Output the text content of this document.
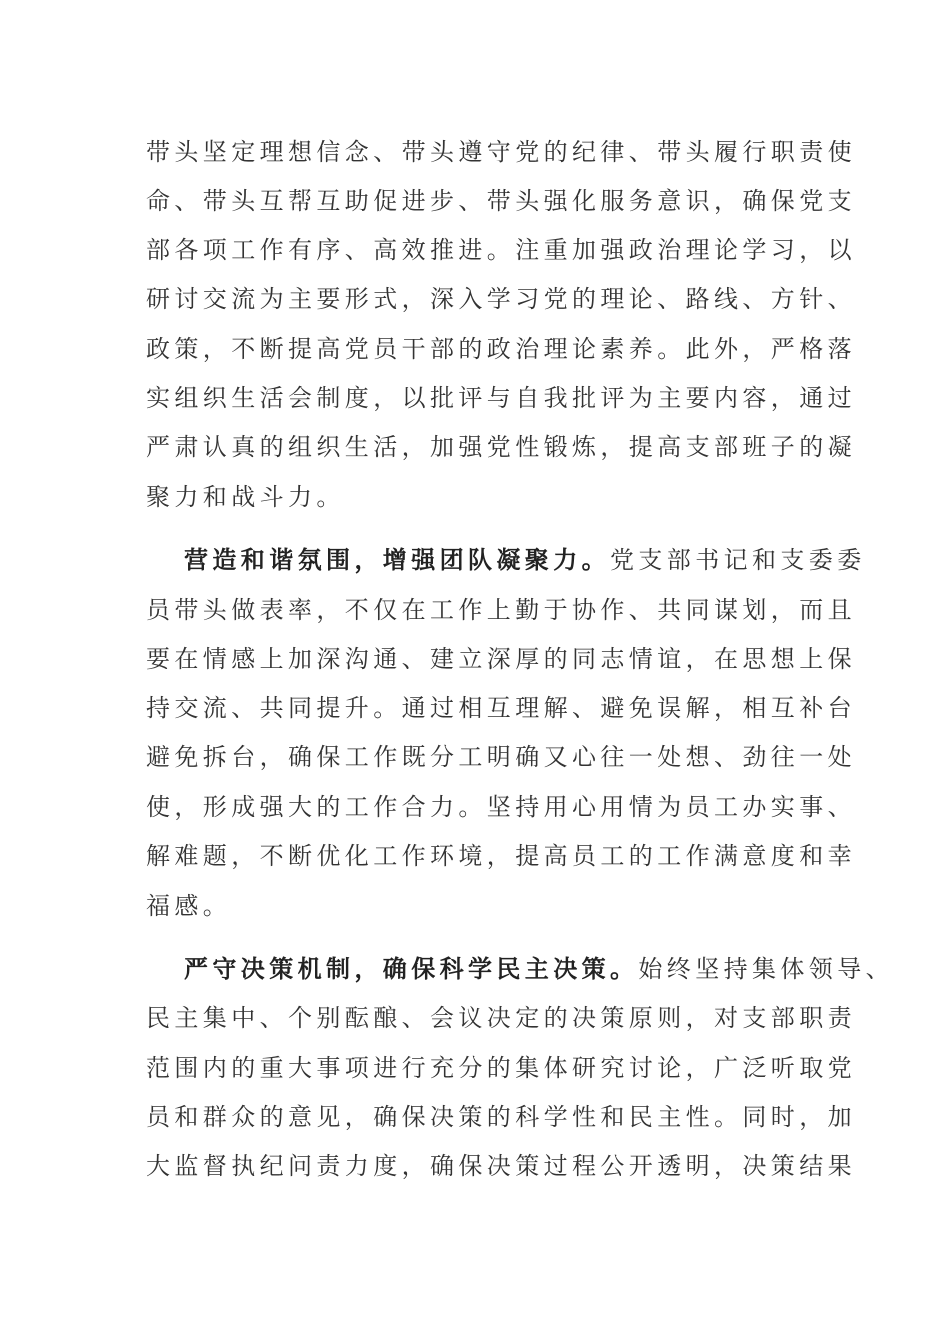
带头坚定理想信念、带头遵守党的纪律、带头履行职责使
命、带头互帮互助促进步、带头强化服务意识，确保党支
部各项工作有序、高效推进。注重加强政治理论学习，以
研讨交流为主要形式，深入学习党的理论、路线、方针、
政策，不断提高党员干部的政治理论素养。此外，严格落
实组织生活会制度，以批评与自我批评为主要内容，通过
严肃认真的组织生活，加强党性锻炼，提高支部班子的凝
聚力和战斗力。
营造和谐氛围，增强团队凝聚力。党支部书记和支委委
员带头做表率，不仅在工作上勤于协作、共同谋划，而且
要在情感上加深沟通、建立深厚的同志情谊，在思想上保
持交流、共同提升。通过相互理解、避免误解，相互补台
避免拆台，确保工作既分工明确又心往一处想、劲往一处
使，形成强大的工作合力。坚持用心用情为员工办实事、
解难题，不断优化工作环境，提高员工的工作满意度和幸
福感。
严守决策机制，确保科学民主决策。始终坚持集体领导、
民主集中、个别酝酿、会议决定的决策原则，对支部职责
范围内的重大事项进行充分的集体研究讨论，广泛听取党
员和群众的意见，确保决策的科学性和民主性。同时，加
大监督执纪问责力度，确保决策过程公开透明，决策结果
